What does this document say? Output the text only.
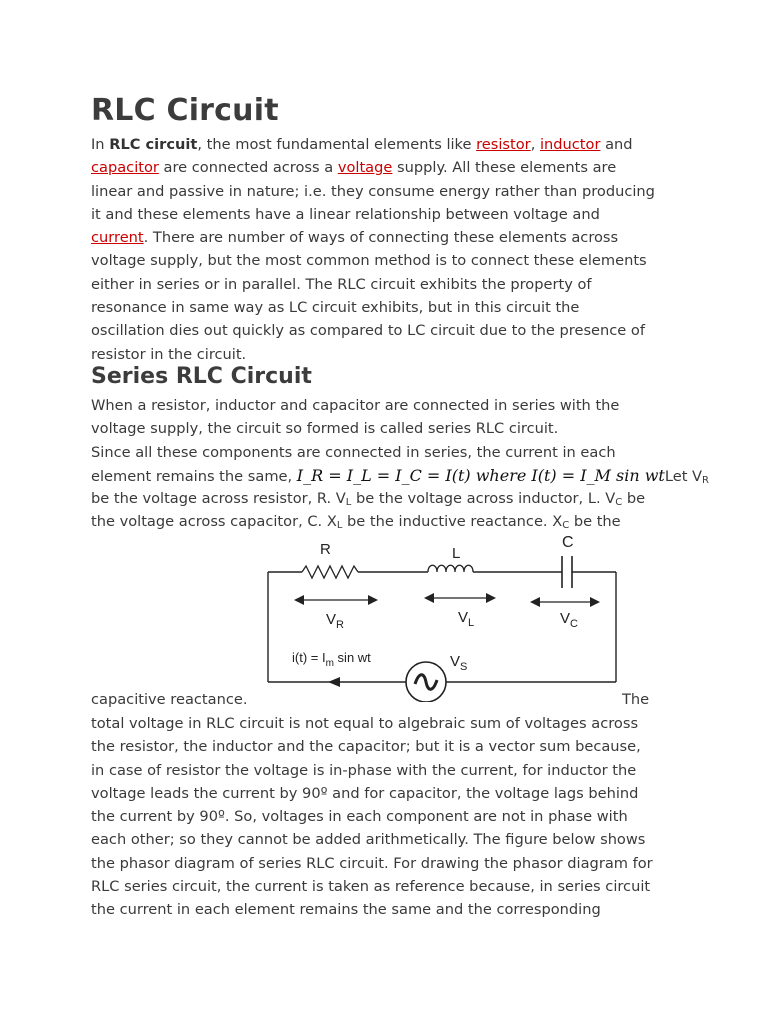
RLC Circuit
In RLC circuit, the most fundamental elements like resistor, inductor and
capacitor are connected across a voltage supply. All these elements are
linear and passive in nature; i.e. they consume energy rather than producing
it and these elements have a linear relationship between voltage and
current. There are number of ways of connecting these elements across
voltage supply, but the most common method is to connect these elements
either in series or in parallel. The RLC circuit exhibits the property of
resonance in same way as LC circuit exhibits, but in this circuit the
oscillation dies out quickly as compared to LC circuit due to the presence of
resistor in the circuit.
Series RLC Circuit
When a resistor, inductor and capacitor are connected in series with the
voltage supply, the circuit so formed is called series RLC circuit.
Since all these components are connected in series, the current in each
element remains the same, I_R = I_L = I_C = I(t) where I(t) = I_M sin wtLet $V_R$
be the voltage across resistor, R. $V_L$ be the voltage across inductor, L. $V_C$ be
the voltage across capacitor, C. $X_L$ be the inductive reactance. $X_C$ be the
R	L
C
$V_R$	$V_L$	$V_C$
$V_S$
$i(t) = I_m$ sin wt
capacitive reactance.	The
total voltage in RLC circuit is not equal to algebraic sum of voltages across
the resistor, the inductor and the capacitor; but it is a vector sum because,
in case of resistor the voltage is in-phase with the current, for inductor the
voltage leads the current by 90º and for capacitor, the voltage lags behind
the current by 90º. So, voltages in each component are not in phase with
each other; so they cannot be added arithmetically. The figure below shows
the phasor diagram of series RLC circuit. For drawing the phasor diagram for
RLC series circuit, the current is taken as reference because, in series circuit
the current in each element remains the same and the corresponding
